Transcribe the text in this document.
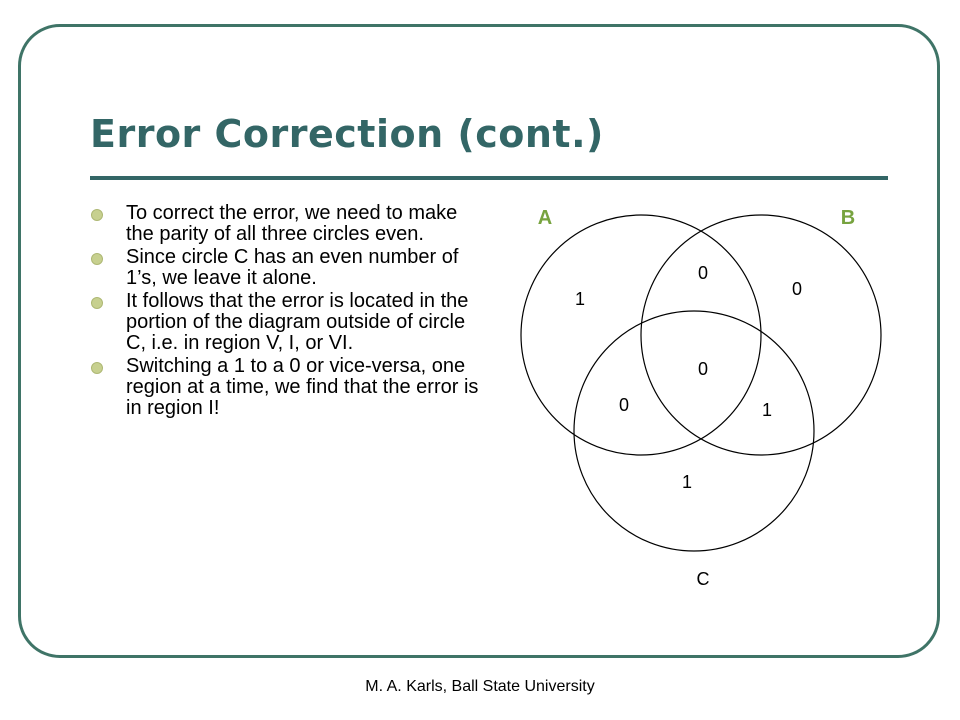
Error Correction (cont.)
To correct the error, we need to make the parity of all three circles even.
Since circle C has an even number of 1’s, we leave it alone.
It follows that the error is located in the portion of the diagram outside of circle C, i.e. in region V, I, or VI.
Switching a 1 to a 0 or vice-versa, one region at a time, we find that the error is in region I!
A	B
C
1
0
0
0
0	1
1
M. A. Karls, Ball State University
